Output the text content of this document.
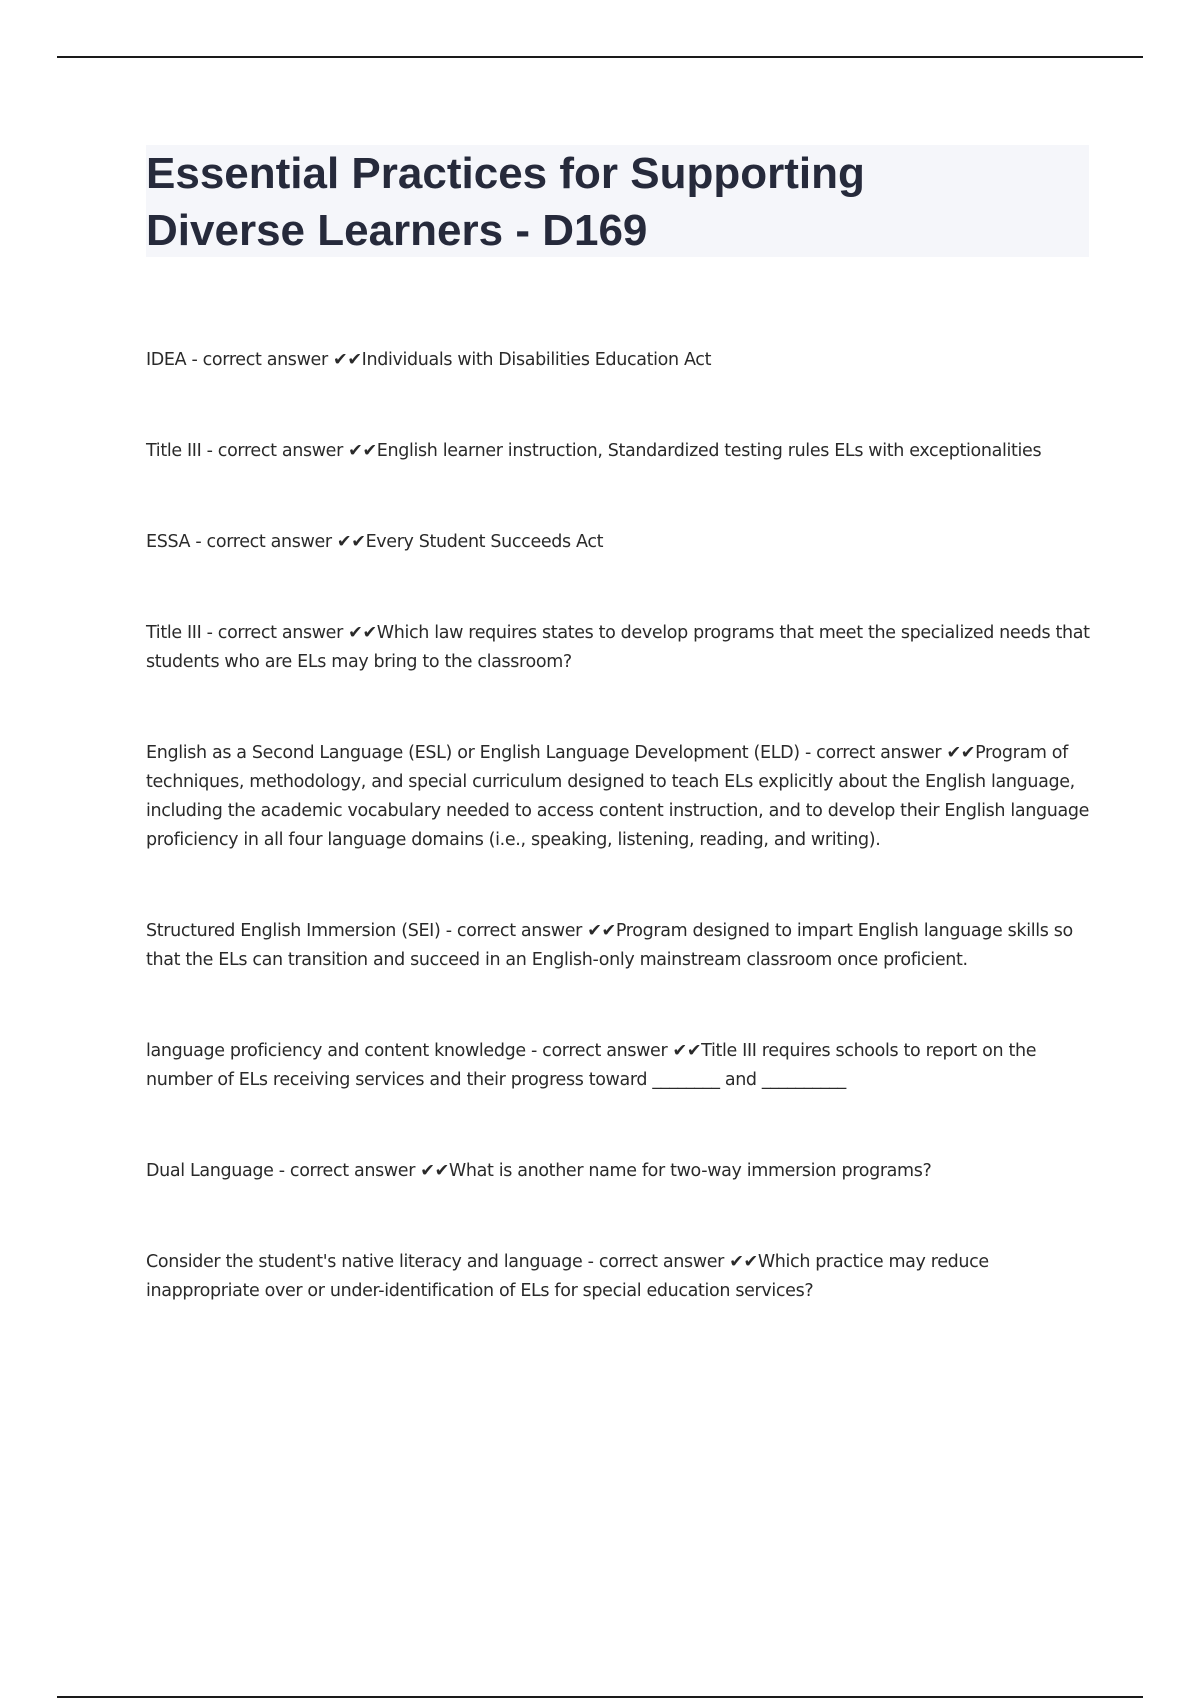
Essential Practices for Supporting Diverse Learners - D169

IDEA - correct answer ✔✔Individuals with Disabilities Education Act

Title III - correct answer ✔✔English learner instruction, Standardized testing rules ELs with exceptionalities

ESSA - correct answer ✔✔Every Student Succeeds Act

Title III - correct answer ✔✔Which law requires states to develop programs that meet the specialized needs that students who are ELs may bring to the classroom?

English as a Second Language (ESL) or English Language Development (ELD) - correct answer ✔✔Program of techniques, methodology, and special curriculum designed to teach ELs explicitly about the English language, including the academic vocabulary needed to access content instruction, and to develop their English language proficiency in all four language domains (i.e., speaking, listening, reading, and writing).

Structured English Immersion (SEI) - correct answer ✔✔Program designed to impart English language skills so that the ELs can transition and succeed in an English-only mainstream classroom once proficient.

language proficiency and content knowledge - correct answer ✔✔Title III requires schools to report on the number of ELs receiving services and their progress toward ________ and __________

Dual Language - correct answer ✔✔What is another name for two-way immersion programs?

Consider the student's native literacy and language - correct answer ✔✔Which practice may reduce inappropriate over or under-identification of ELs for special education services?
